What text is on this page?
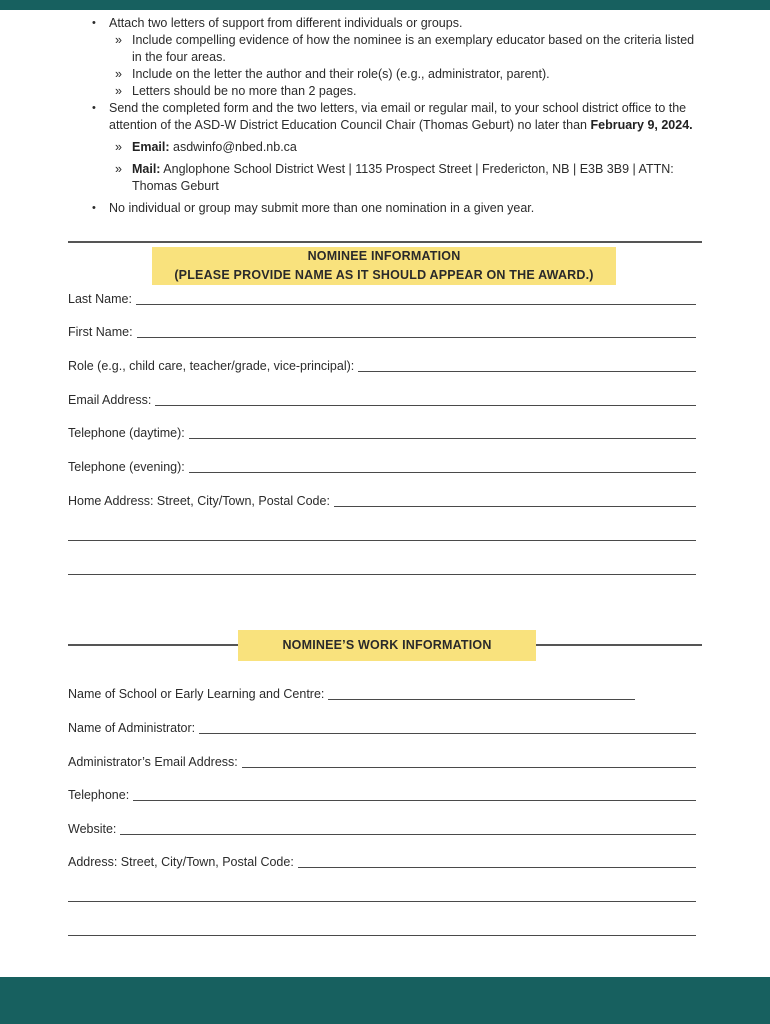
• Attach two letters of support from different individuals or groups.
» Include compelling evidence of how the nominee is an exemplary educator based on the criteria listed in the four areas.
» Include on the letter the author and their role(s) (e.g., administrator, parent).
» Letters should be no more than 2 pages.
• Send the completed form and the two letters, via email or regular mail, to your school district office to the attention of the ASD-W District Education Council Chair (Thomas Geburt) no later than February 9, 2024.
» Email: asdwinfo@nbed.nb.ca
» Mail: Anglophone School District West | 1135 Prospect Street | Fredericton, NB | E3B 3B9 | ATTN: Thomas Geburt
• No individual or group may submit more than one nomination in a given year.
NOMINEE INFORMATION
(PLEASE PROVIDE NAME AS IT SHOULD APPEAR ON THE AWARD.)
Last Name:
First Name:
Role (e.g., child care, teacher/grade, vice-principal):
Email Address:
Telephone (daytime):
Telephone (evening):
Home Address: Street, City/Town, Postal Code:
NOMINEE’S WORK INFORMATION
Name of School or Early Learning and Centre:
Name of Administrator:
Administrator’s Email Address:
Telephone:
Website:
Address: Street, City/Town, Postal Code:
